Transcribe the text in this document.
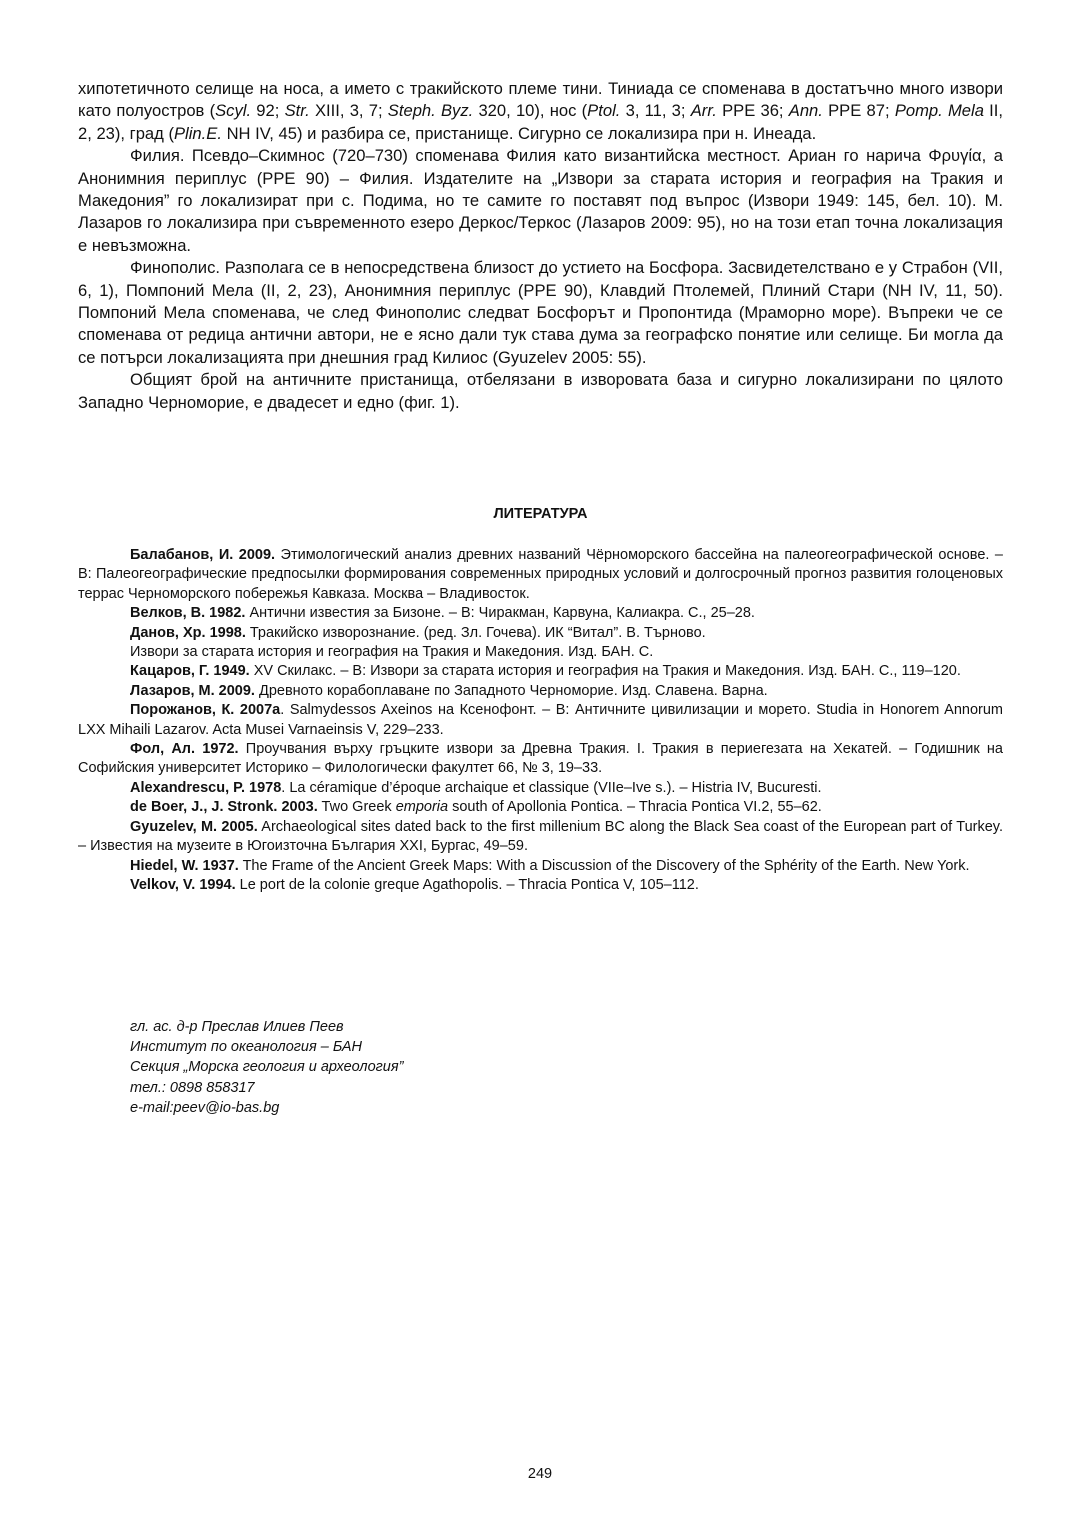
хипотетичното селище на носа, а името с тракийското племе тини. Тиниада се споменава в достатъчно много извори като полуостров (Scyl. 92; Str. XIII, 3, 7; Steph. Byz. 320, 10), нос (Ptol. 3, 11, 3; Arr. PPE 36; Ann. PPE 87; Pomp. Mela II, 2, 23), град (Plin.E. NH IV, 45) и разбира се, пристанище. Сигурно се локализира при н. Инеада.

Филия. Псевдо–Скимнос (720–730) споменава Филия като византийска местност. Ариан го нарича Φρυγία, а Анонимния периплус (PPE 90) – Филия. Издателите на „Извори за старата история и география на Тракия и Македония” го локализират при с. Подима, но те самите го поставят под въпрос (Извори 1949: 145, бел. 10). М. Лазаров го локализира при съвременното езеро Деркос/Теркос (Лазаров 2009: 95), но на този етап точна локализация е невъзможна.

Финополис. Разполага се в непосредствена близост до устието на Босфора. Засвидетелствано е у Страбон (VII, 6, 1), Помпоний Мела (II, 2, 23), Анонимния периплус (PPE 90), Клавдий Птолемей, Плиний Стари (NH IV, 11, 50). Помпоний Мела споменава, че след Финополис следват Босфорът и Пропонтида (Мраморно море). Въпреки че се споменава от редица антични автори, не е ясно дали тук става дума за географско понятие или селище. Би могла да се потърси локализацията при днешния град Килиос (Gyuzelev 2005: 55).

Общият брой на античните пристанища, отбелязани в изворовата база и сигурно локализирани по цялото Западно Черноморие, е двадесет и едно (фиг. 1).

ЛИТЕРАТУРА

Балабанов, И. 2009. Этимологический анализ древних названий Чёрноморского бассейна на палеогеографической основе. – В: Палеогеографические предпосылки формирования современных природных условий и долгосрочный прогноз развития голоценовых террас Черноморского побережья Кавказа. Москва – Владивосток.

Велков, В. 1982. Антични известия за Бизоне. – В: Чиракман, Карвуна, Калиакра. С., 25–28.

Данов, Хр. 1998. Тракийско изворознание. (ред. Зл. Гочева). ИК “Витал”. В. Търново.

Извори за старата история и география на Тракия и Македония. Изд. БАН. С.

Кацаров, Г. 1949. XV Скилакс. – В: Извори за старата история и география на Тракия и Македония. Изд. БАН. С., 119–120.

Лазаров, М. 2009. Древното корабоплаване по Западното Черноморие. Изд. Славена. Варна.

Порожанов, К. 2007а. Salmydessos Axeinos на Ксенофонт. – В: Античните цивилизации и морето. Studia in Honorem Annorum LXX Mihaili Lazarov. Acta Musei Varnaeinsis V, 229–233.

Фол, Ал. 1972. Проучвания върху гръцките извори за Древна Тракия. I. Тракия в периегезата на Хекатей. – Годишник на Софийския университет Историко – Филологически факултет 66, № 3, 19–33.

Alexandrescu, P. 1978. La céramique d’époque archaique et classique (VIIe–Ive s.). – Histria IV, Bucuresti.

de Boer, J., J. Stronk. 2003. Two Greek emporia south of Apollonia Pontica. – Thracia Pontica VI.2, 55–62.

Gyuzelev, M. 2005. Archaeological sites dated back to the first millenium BC along the Black Sea coast of the European part of Turkey. – Известия на музеите в Югоизточна България XXI, Бургас, 49–59.

Hiedel, W. 1937. The Frame of the Ancient Greek Maps: With a Discussion of the Discovery of the Sphérity of the Earth. New York.

Velkov, V. 1994. Le port de la colonie greque Agathopolis. – Thracia Pontica V, 105–112.

гл. ас. д-р Преслав Илиев Пеев
Институт по океанология – БАН
Секция „Морска геология и археология”
тел.: 0898 858317
e-mail:peev@io-bas.bg
249
